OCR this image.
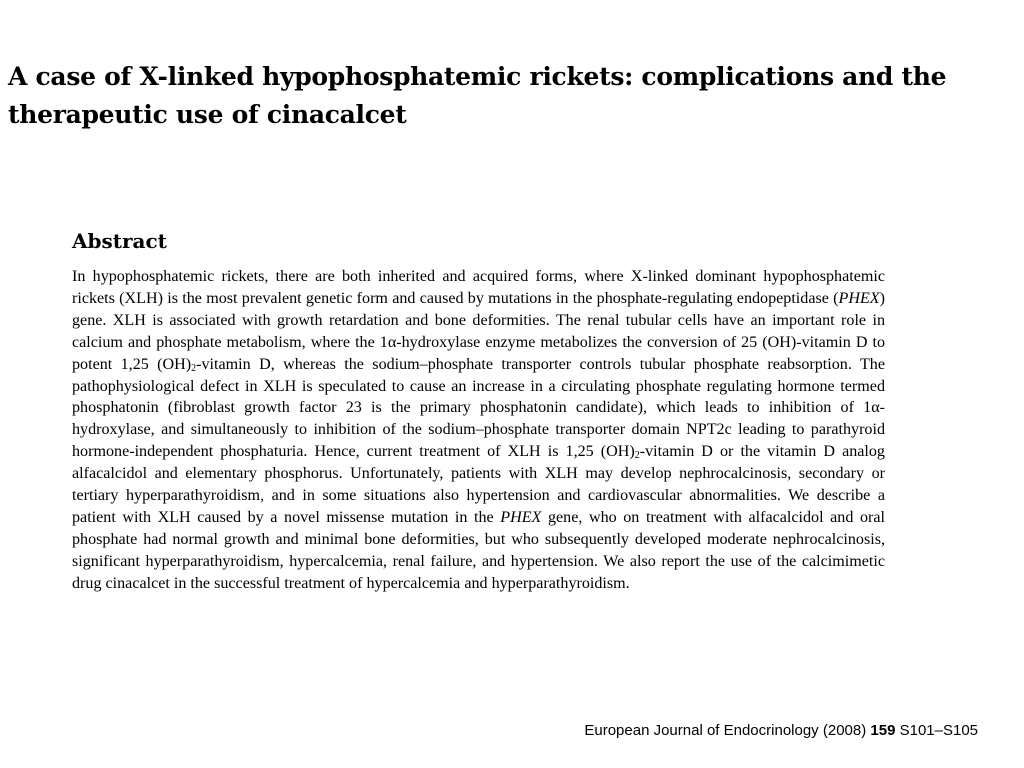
A case of X-linked hypophosphatemic rickets: complications and the therapeutic use of cinacalcet
Abstract

In hypophosphatemic rickets, there are both inherited and acquired forms, where X-linked dominant hypophosphatemic rickets (XLH) is the most prevalent genetic form and caused by mutations in the phosphate-regulating endopeptidase (PHEX) gene. XLH is associated with growth retardation and bone deformities. The renal tubular cells have an important role in calcium and phosphate metabolism, where the 1α-hydroxylase enzyme metabolizes the conversion of 25 (OH)-vitamin D to potent 1,25 $(OH)_2$-vitamin D, whereas the sodium–phosphate transporter controls tubular phosphate reabsorption. The pathophysiological defect in XLH is speculated to cause an increase in a circulating phosphate regulating hormone termed phosphatonin (fibroblast growth factor 23 is the primary phosphatonin candidate), which leads to inhibition of 1α-hydroxylase, and simultaneously to inhibition of the sodium–phosphate transporter domain NPT2c leading to parathyroid hormone-independent phosphaturia. Hence, current treatment of XLH is 1,25 $(OH)_2$-vitamin D or the vitamin D analog alfacalcidol and elementary phosphorus. Unfortunately, patients with XLH may develop nephrocalcinosis, secondary or tertiary hyperparathyroidism, and in some situations also hypertension and cardiovascular abnormalities. We describe a patient with XLH caused by a novel missense mutation in the PHEX gene, who on treatment with alfacalcidol and oral phosphate had normal growth and minimal bone deformities, but who subsequently developed moderate nephrocalcinosis, significant hyperparathyroidism, hypercalcemia, renal failure, and hypertension. We also report the use of the calcimimetic drug cinacalcet in the successful treatment of hypercalcemia and hyperparathyroidism.

European Journal of Endocrinology (2008) 159 S101–S105
